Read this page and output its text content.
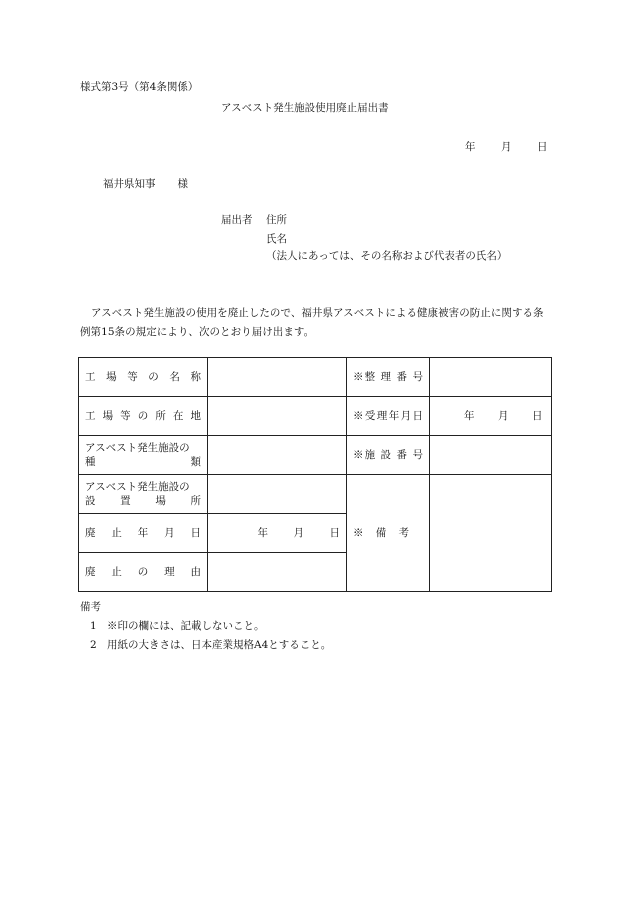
様式第3号（第4条関係）
アスベスト発生施設使用廃止届出書
年 月 日
福井県知事 様
届出者 住所
氏名
（法人にあっては、その名称および代表者の氏名）
アスベスト発生施設の使用を廃止したので、福井県アスベストによる健康被害の防止に関する条例第15条の規定により、次のとおり届け出ます。
工 場 等 の 名 称		※整 理 番 号	
工 場 等 の 所 在 地		※受理年月日	年 月 日

アスベスト発生施設の
種類		※施 設 番 号	

アスベスト発生施設の
設置場所		※備考	
廃 止 年 月 日	年 月 日		
廃 止 の 理 由			
備考
1 ※印の欄には、記載しないこと。
2 用紙の大きさは、日本産業規格A4とすること。
